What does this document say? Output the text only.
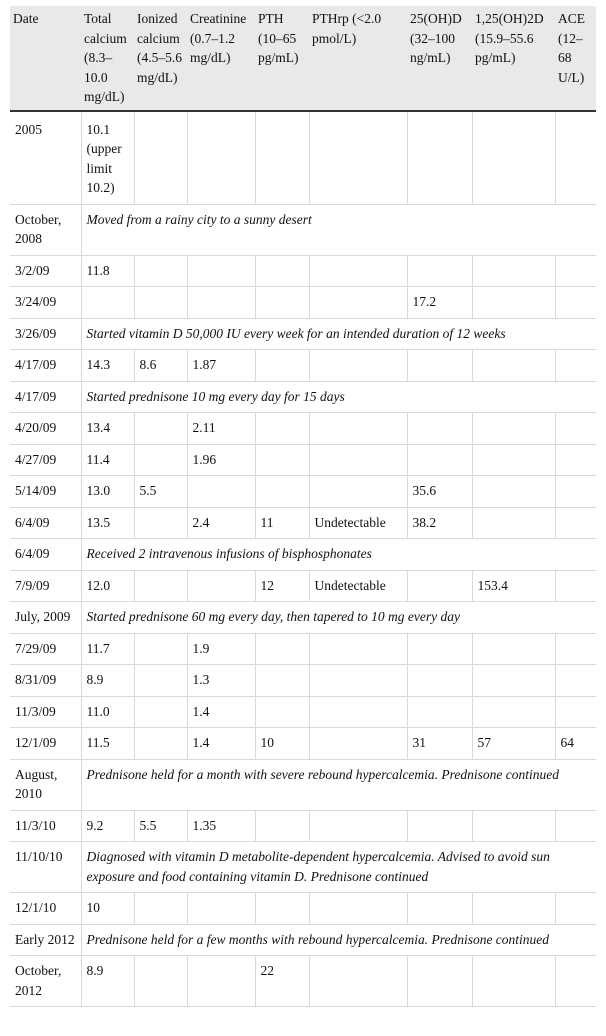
Date	Total calcium (8.3–10.0 mg/dL)	Ionized calcium (4.5–5.6 mg/dL)	Creatinine (0.7–1.2 mg/dL)	PTH (10–65 pg/mL)	PTHrp (<2.0 pmol/L)	25(OH)D (32–100 ng/mL)	1,25(OH)2D (15.9–55.6 pg/mL)	ACE (12–68 U/L)
2005	10.1 (upper limit 10.2)							
October, 2008	Moved from a rainy city to a sunny desert							
3/2/09	11.8							
3/24/09						17.2		
3/26/09	Started vitamin D 50,000 IU every week for an intended duration of 12 weeks							
4/17/09	14.3	8.6	1.87					
4/17/09	Started prednisone 10 mg every day for 15 days							
4/20/09	13.4		2.11					
4/27/09	11.4		1.96					
5/14/09	13.0	5.5				35.6		
6/4/09	13.5		2.4	11	Undetectable	38.2		
6/4/09	Received 2 intravenous infusions of bisphosphonates							
7/9/09	12.0			12	Undetectable		153.4	
July, 2009	Started prednisone 60 mg every day, then tapered to 10 mg every day							
7/29/09	11.7		1.9					
8/31/09	8.9		1.3					
11/3/09	11.0		1.4					
12/1/09	11.5		1.4	10		31	57	64
August, 2010	Prednisone held for a month with severe rebound hypercalcemia. Prednisone continued							
11/3/10	9.2	5.5	1.35					
11/10/10	Diagnosed with vitamin D metabolite-dependent hypercalcemia. Advised to avoid sun exposure and food containing vitamin D. Prednisone continued							
12/1/10	10							
Early 2012	Prednisone held for a few months with rebound hypercalcemia. Prednisone continued							
October, 2012	8.9			22				
